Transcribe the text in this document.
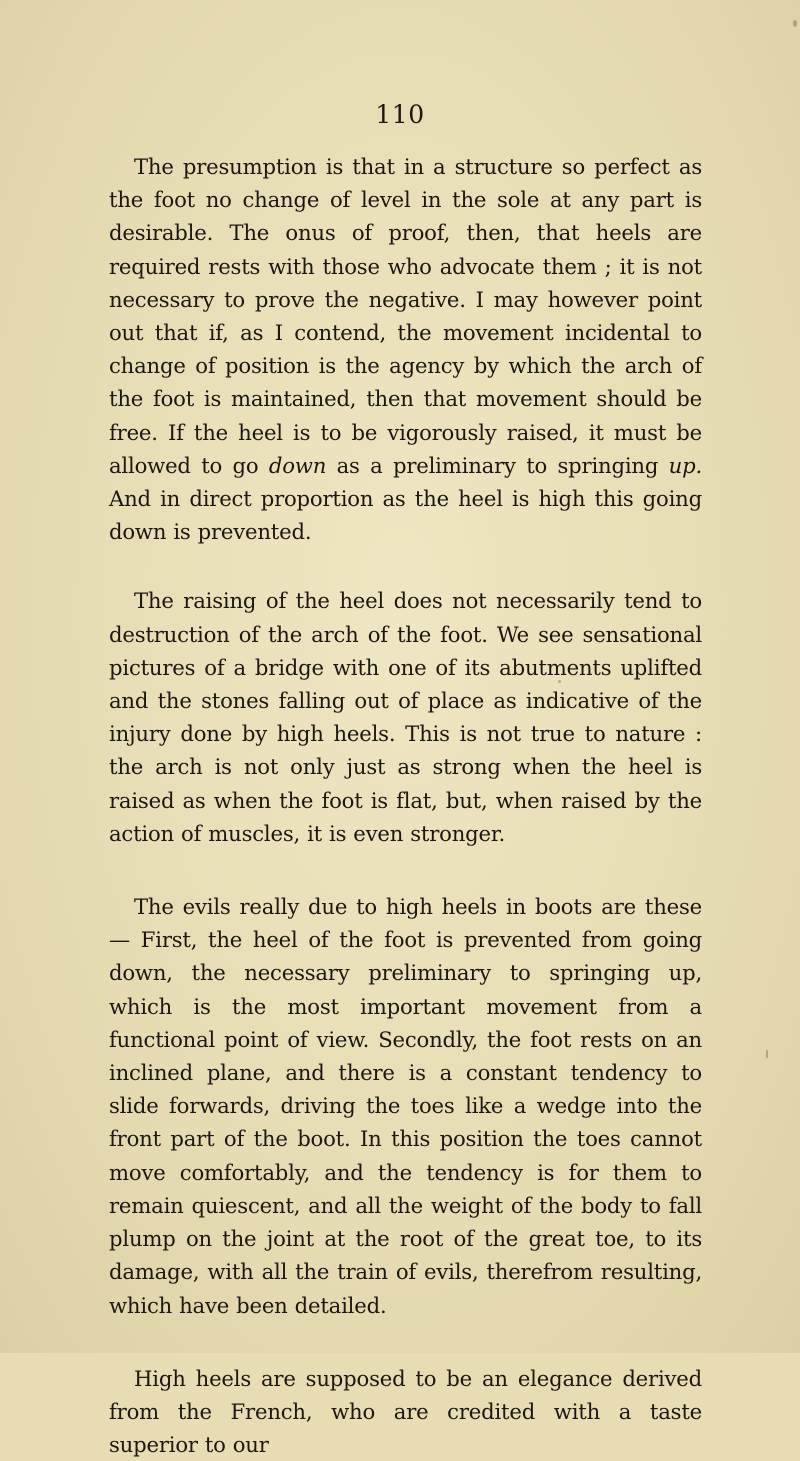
110

The presumption is that in a structure so perfect as the foot no change of level in the sole at any part is desirable. The onus of proof, then, that heels are required rests with those who advocate them ; it is not necessary to prove the negative. I may however point out that if, as I contend, the movement incidental to change of position is the agency by which the arch of the foot is maintained, then that movement should be free. If the heel is to be vigorously raised, it must be allowed to go down as a preliminary to springing up. And in direct proportion as the heel is high this going down is prevented.

The raising of the heel does not necessarily tend to destruction of the arch of the foot. We see sensational pictures of a bridge with one of its abutments uplifted and the stones falling out of place as indicative of the injury done by high heels. This is not true to nature : the arch is not only just as strong when the heel is raised as when the foot is flat, but, when raised by the action of muscles, it is even stronger.

The evils really due to high heels in boots are these— First, the heel of the foot is prevented from going down, the necessary preliminary to springing up, which is the most important movement from a functional point of view. Secondly, the foot rests on an inclined plane, and there is a constant tendency to slide forwards, driving the toes like a wedge into the front part of the boot. In this position the toes cannot move comfortably, and the tendency is for them to remain quiescent, and all the weight of the body to fall plump on the joint at the root of the great toe, to its damage, with all the train of evils, therefrom resulting, which have been detailed.

High heels are supposed to be an elegance derived from the French, who are credited with a taste superior to our
